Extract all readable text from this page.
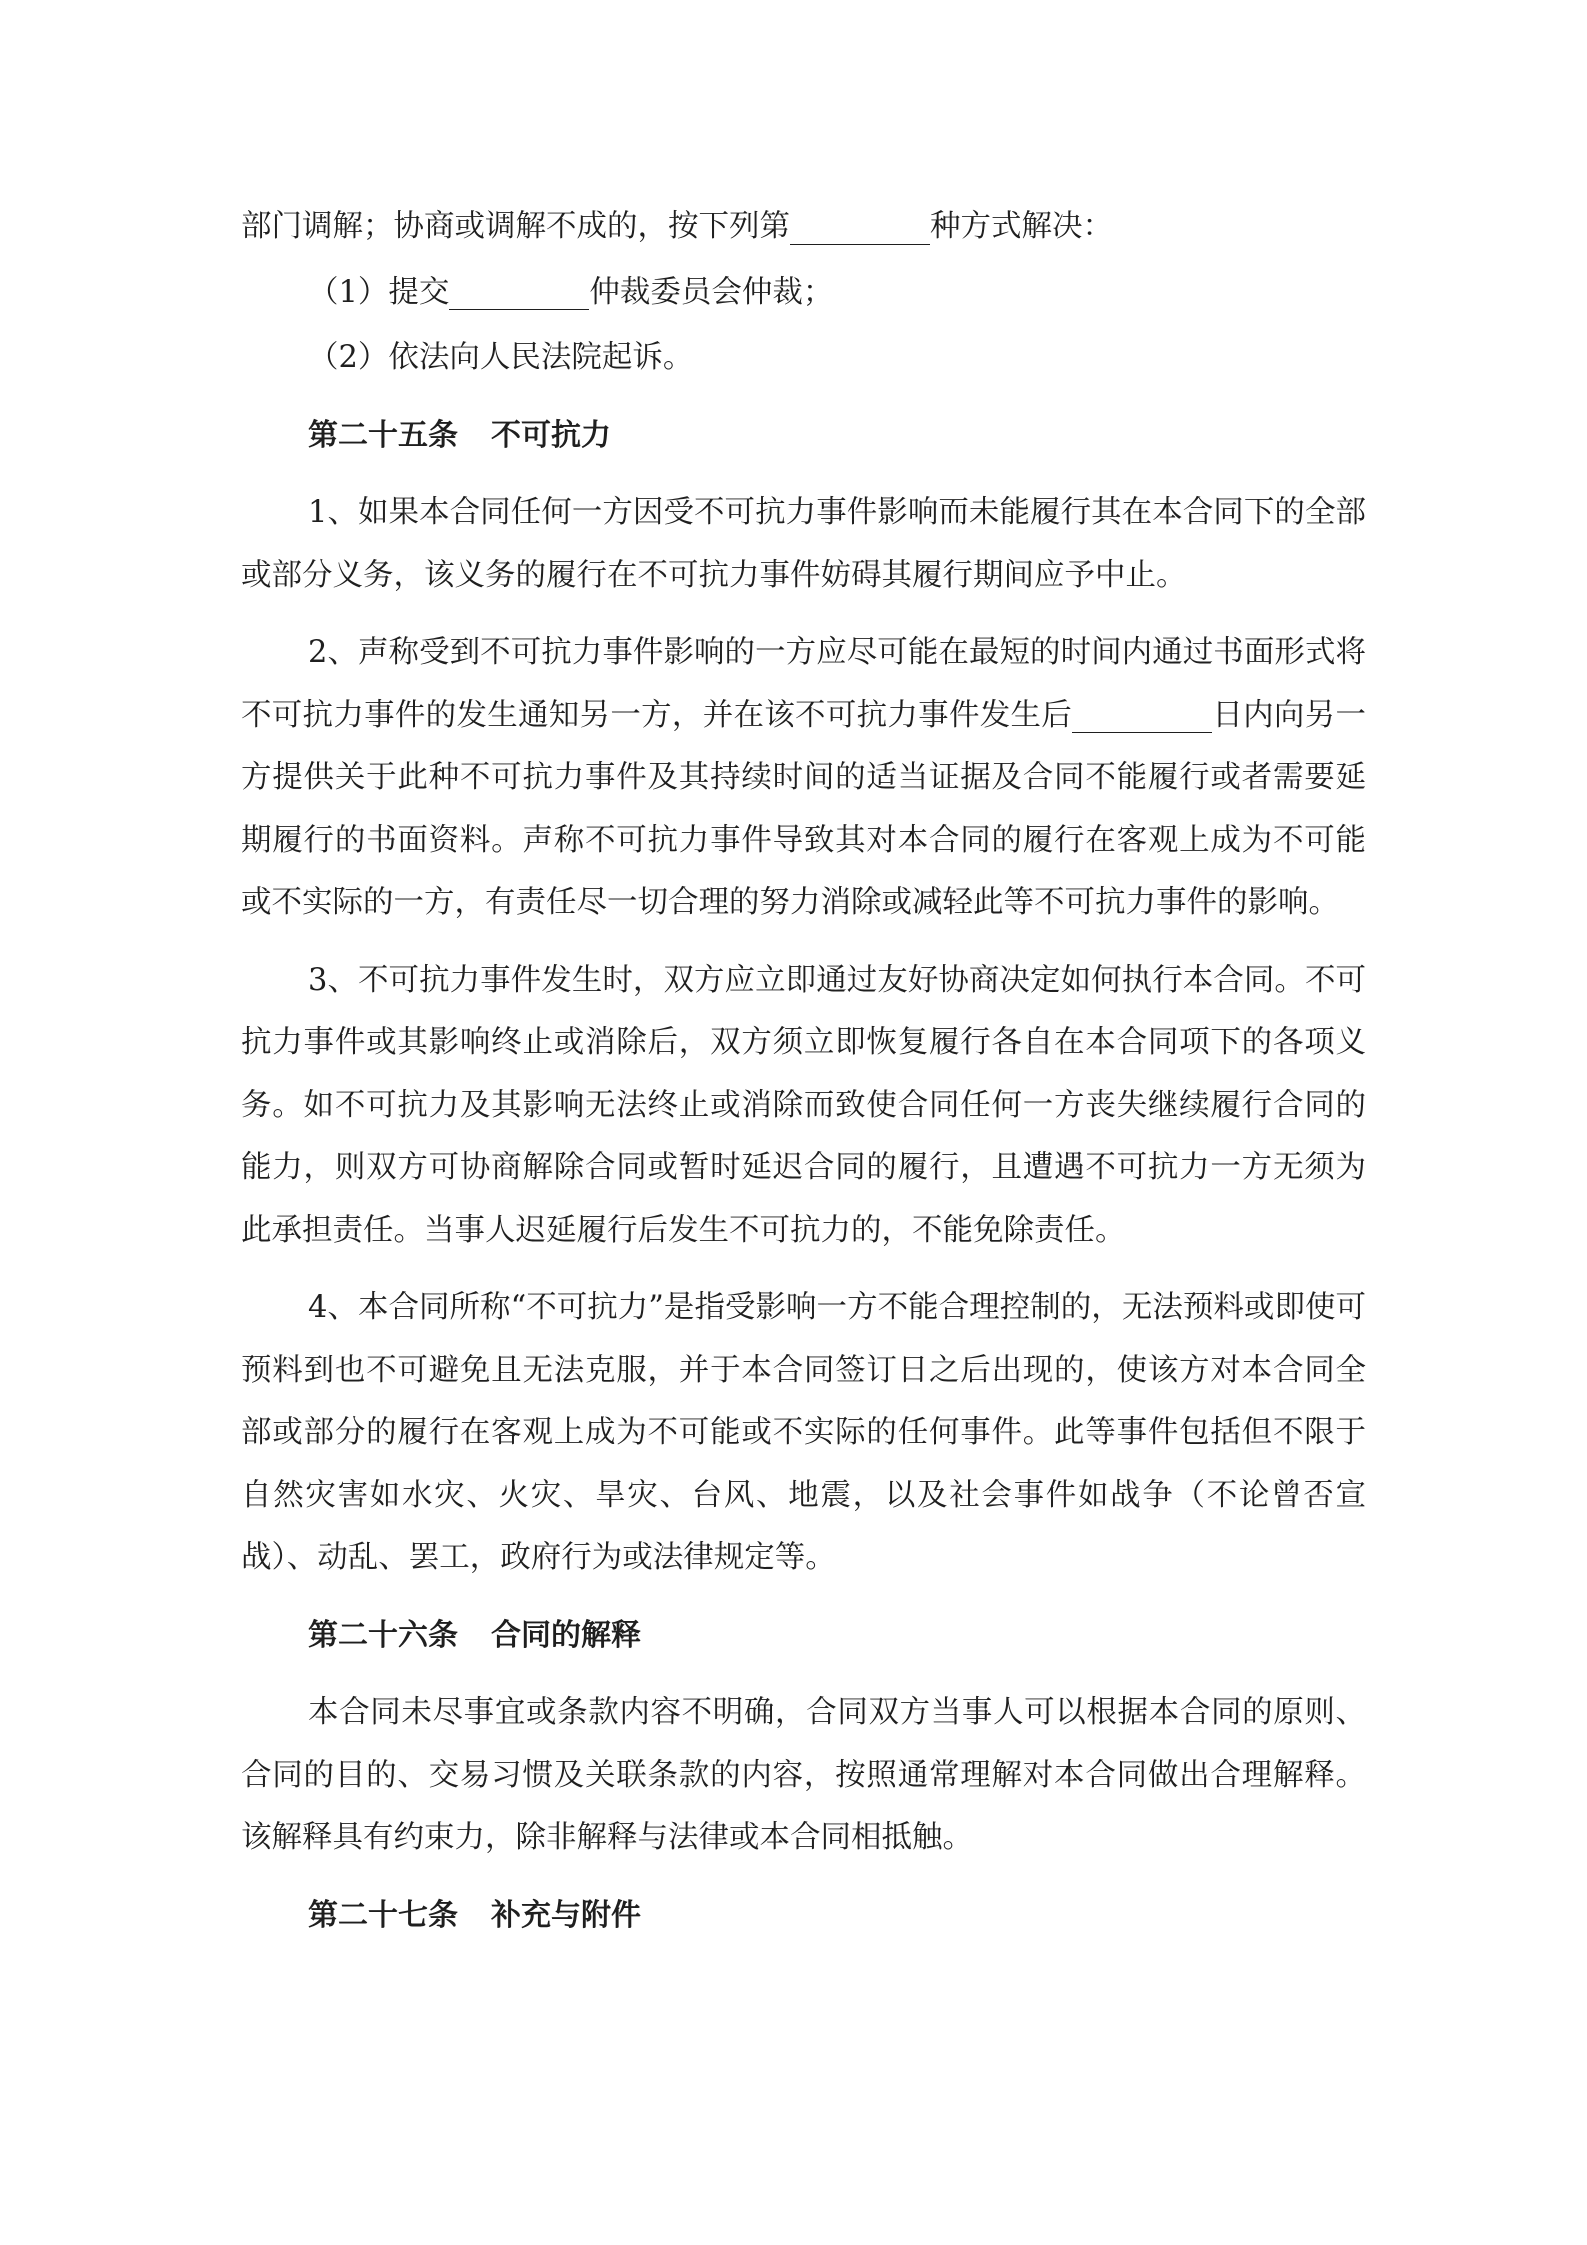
部门调解；协商或调解不成的，按下列第	种方式解决：

（1）提交	仲裁委员会仲裁；

（2）依法向人民法院起诉。

第二十五条 不可抗力

1、如果本合同任何一方因受不可抗力事件影响而未能履行其在本合同下的全部或部分义务，该义务的履行在不可抗力事件妨碍其履行期间应予中止。

2、声称受到不可抗力事件影响的一方应尽可能在最短的时间内通过书面形式将不可抗力事件的发生通知另一方，并在该不可抗力事件发生后	日内向另一方提供关于此种不可抗力事件及其持续时间的适当证据及合同不能履行或者需要延期履行的书面资料。声称不可抗力事件导致其对本合同的履行在客观上成为不可能或不实际的一方，有责任尽一切合理的努力消除或减轻此等不可抗力事件的影响。

3、不可抗力事件发生时，双方应立即通过友好协商决定如何执行本合同。不可抗力事件或其影响终止或消除后，双方须立即恢复履行各自在本合同项下的各项义务。如不可抗力及其影响无法终止或消除而致使合同任何一方丧失继续履行合同的能力，则双方可协商解除合同或暂时延迟合同的履行，且遭遇不可抗力一方无须为此承担责任。当事人迟延履行后发生不可抗力的，不能免除责任。

4、本合同所称“不可抗力”是指受影响一方不能合理控制的，无法预料或即使可预料到也不可避免且无法克服，并于本合同签订日之后出现的，使该方对本合同全部或部分的履行在客观上成为不可能或不实际的任何事件。此等事件包括但不限于自然灾害如水灾、火灾、旱灾、台风、地震，以及社会事件如战争（不论曾否宣战）、动乱、罢工，政府行为或法律规定等。

第二十六条 合同的解释

本合同未尽事宜或条款内容不明确，合同双方当事人可以根据本合同的原则、合同的目的、交易习惯及关联条款的内容，按照通常理解对本合同做出合理解释。该解释具有约束力，除非解释与法律或本合同相抵触。

第二十七条 补充与附件
